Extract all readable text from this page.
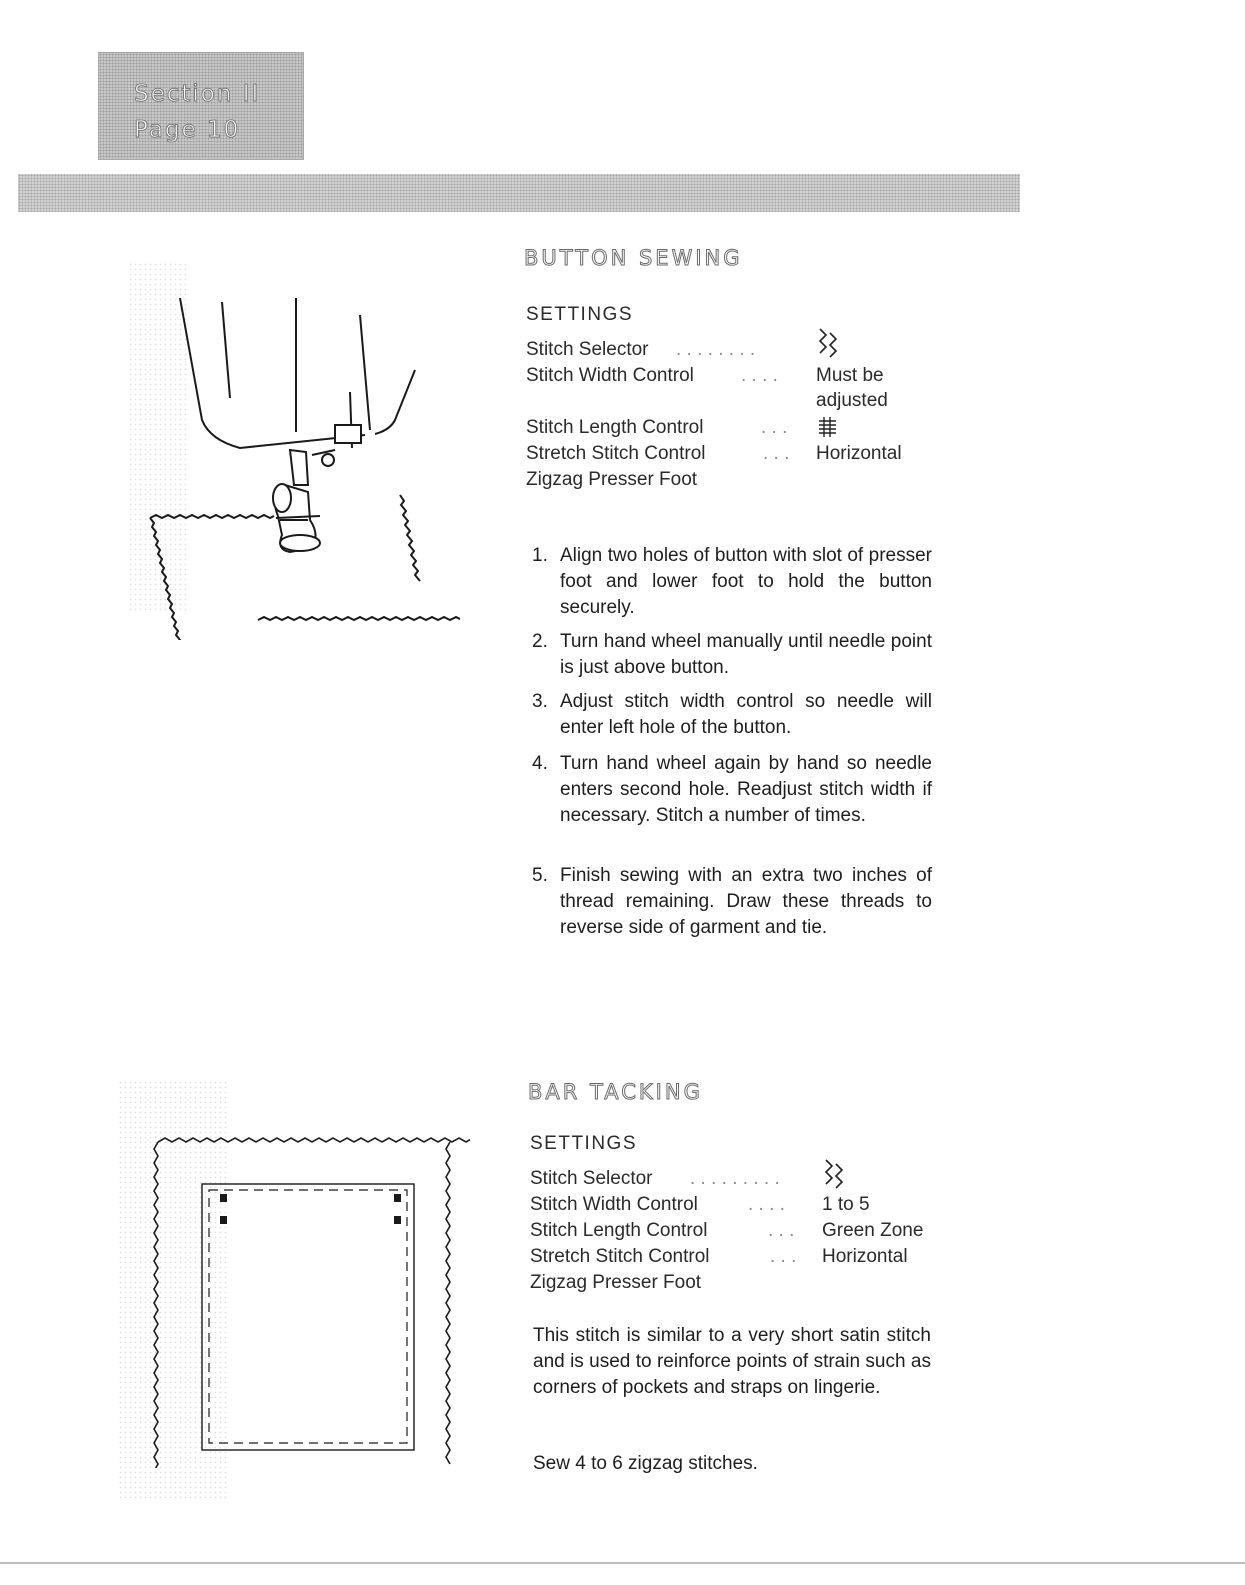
Section II
Page 10
BUTTON SEWING
SETTINGS
Stitch Selector . . . . . . . .
Stitch Width Control . . . . Must be
adjusted
Stitch Length Control	. . .
Stretch Stitch Control	. . . Horizontal
Zigzag Presser Foot
1. Align two holes of button with slot of presser foot and lower foot to hold the button securely.
2. Turn hand wheel manually until needle point is just above button.
3. Adjust stitch width control so needle will enter left hole of the button.
4. Turn hand wheel again by hand so needle enters second hole. Readjust stitch width if necessary. Stitch a number of times.
5. Finish sewing with an extra two inches of thread remaining. Draw these threads to reverse side of garment and tie.
BAR TACKING
SETTINGS
Stitch Selector . . . . . . . . .
Stitch Width Control	. . . . 1 to 5
Stitch Length Control	. . . Green Zone
Stretch Stitch Control	. . . Horizontal
Zigzag Presser Foot
This stitch is similar to a very short satin stitch and is used to reinforce points of strain such as corners of pockets and straps on lingerie.
Sew 4 to 6 zigzag stitches.
